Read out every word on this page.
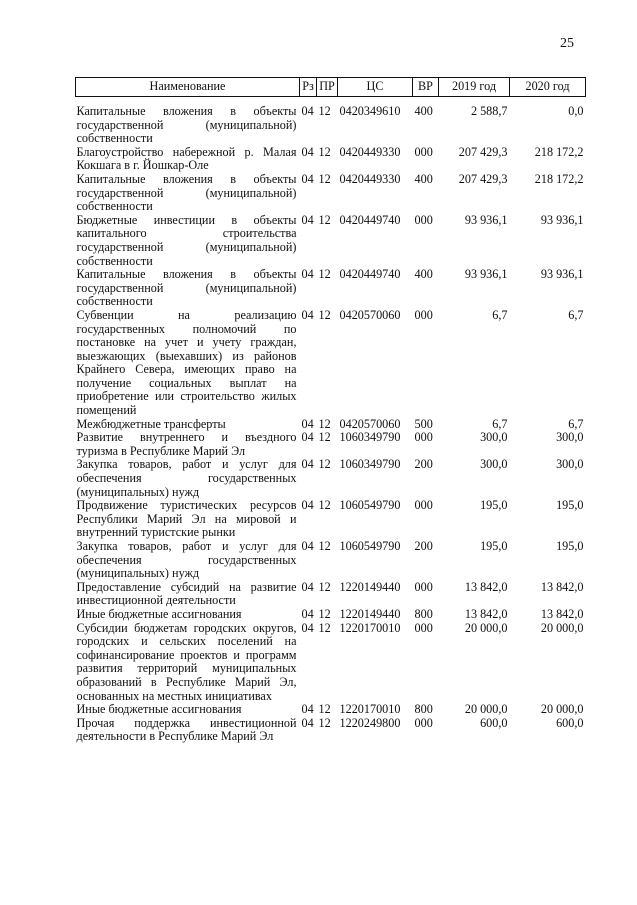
25
Наименование	Рз	ПР	ЦС	ВР	2019 год	2020 год

Капитальные вложения в объекты государственной (муниципальной) собственности	04	12	0420349610	400	2 588,7	0,0
Благоустройство набережной р. Малая Кокшага в г. Йошкар-Оле	04	12	0420449330	000	207 429,3	218 172,2
Капитальные вложения в объекты государственной (муниципальной) собственности	04	12	0420449330	400	207 429,3	218 172,2
Бюджетные инвестиции в объекты капитального строительства государственной (муниципальной) собственности	04	12	0420449740	000	93 936,1	93 936,1
Капитальные вложения в объекты государственной (муниципальной) собственности	04	12	0420449740	400	93 936,1	93 936,1
Субвенции на реализацию государственных полномочий по постановке на учет и учету граждан, выезжающих (выехавших) из районов Крайнего Севера, имеющих право на получение социальных выплат на приобретение или строительство жилых помещений	04	12	0420570060	000	6,7	6,7
Межбюджетные трансферты	04	12	0420570060	500	6,7	6,7
Развитие внутреннего и въездного туризма в Республике Марий Эл	04	12	1060349790	000	300,0	300,0
Закупка товаров, работ и услуг для обеспечения государственных (муниципальных) нужд	04	12	1060349790	200	300,0	300,0
Продвижение туристических ресурсов Республики Марий Эл на мировой и внутренний туристские рынки	04	12	1060549790	000	195,0	195,0
Закупка товаров, работ и услуг для обеспечения государственных (муниципальных) нужд	04	12	1060549790	200	195,0	195,0
Предоставление субсидий на развитие инвестиционной деятельности	04	12	1220149440	000	13 842,0	13 842,0
Иные бюджетные ассигнования	04	12	1220149440	800	13 842,0	13 842,0
Субсидии бюджетам городских округов, городских и сельских поселений на софинансирование проектов и программ развития территорий муниципальных образований в Республике Марий Эл, основанных на местных инициативах	04	12	1220170010	000	20 000,0	20 000,0
Иные бюджетные ассигнования	04	12	1220170010	800	20 000,0	20 000,0
Прочая поддержка инвестиционной деятельности в Республике Марий Эл	04	12	1220249800	000	600,0	600,0
